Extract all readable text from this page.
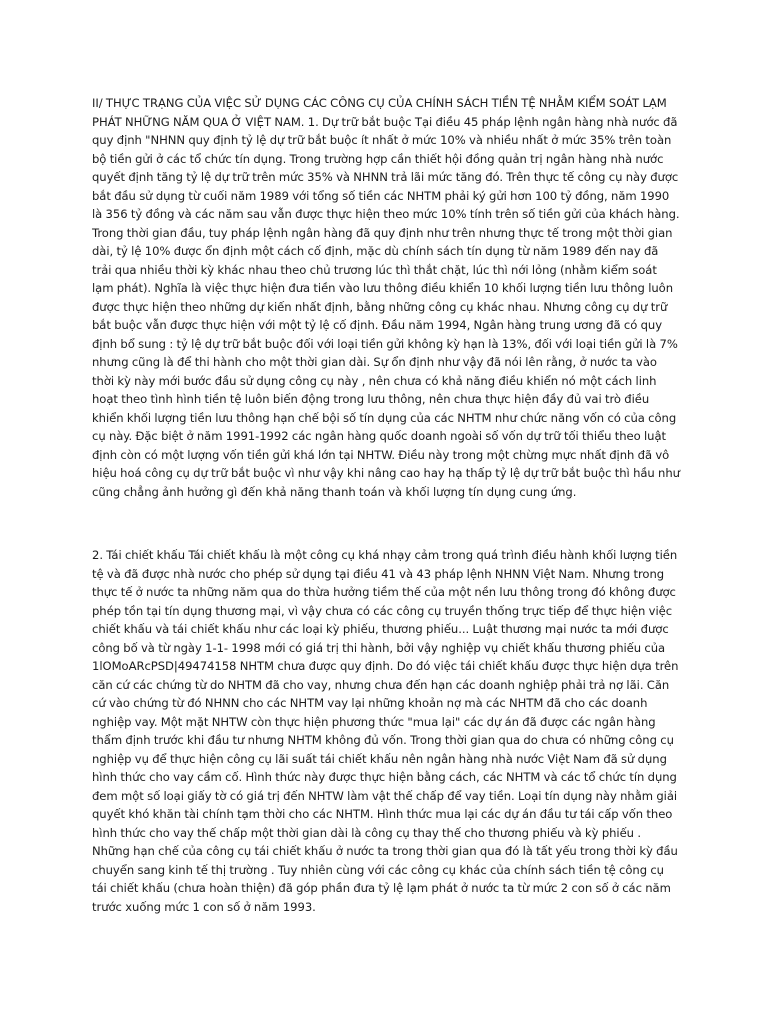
II/ THỰC TRẠNG CỦA VIỆC SỬ DỤNG CÁC CÔNG CỤ CỦA CHÍNH SÁCH TIỀN TỆ NHẰM KIỂM SOÁT LẠM PHÁT NHỮNG NĂM QUA Ở VIỆT NAM. 1. Dự trữ bắt buộc Tại điều 45 pháp lệnh ngân hàng nhà nước đã quy định "NHNN quy định tỷ lệ dự trữ bắt buộc ít nhất ở mức 10% và nhiều nhất ở mức 35% trên toàn bộ tiền gửi ở các tổ chức tín dụng. Trong trường hợp cần thiết hội đồng quản trị ngân hàng nhà nước quyết định tăng tỷ lệ dự trữ trên mức 35% và NHNN trả lãi mức tăng đó. Trên thực tế công cụ này được bắt đầu sử dụng từ cuối năm 1989 với tổng số tiền các NHTM phải ký gửi hơn 100 tỷ đồng, năm 1990 là 356 tỷ đồng và các năm sau vẫn được thực hiện theo mức 10% tính trên số tiền gửi của khách hàng. Trong thời gian đầu, tuy pháp lệnh ngân hàng đã quy định như trên nhưng thực tế trong một thời gian dài, tỷ lệ 10% được ổn định một cách cố định, mặc dù chính sách tín dụng từ năm 1989 đến nay đã trải qua nhiều thời kỳ khác nhau theo chủ trương lúc thì thắt chặt, lúc thì nới lỏng (nhằm kiểm soát lạm phát). Nghĩa là việc thực hiện đưa tiền vào lưu thông điều khiển 10 khối lượng tiền lưu thông luôn được thực hiện theo những dự kiến nhất định, bằng những công cụ khác nhau. Nhưng công cụ dự trữ bắt buộc vẫn được thực hiện với một tỷ lệ cố định. Đầu năm 1994, Ngân hàng trung ương đã có quy định bổ sung : tỷ lệ dự trữ bắt buộc đối với loại tiền gửi không kỳ hạn là 13%, đối với loại tiền gửi là 7% nhưng cũng là để thi hành cho một thời gian dài. Sự ổn định như vậy đã nói lên rằng, ở nước ta vào thời kỳ này mới bước đầu sử dụng công cụ này , nên chưa có khả năng điều khiển nó một cách linh hoạt theo tình hình tiền tệ luôn biến động trong lưu thông, nên chưa thực hiện đầy đủ vai trò điều khiển khối lượng tiền lưu thông hạn chế bội số tín dụng của các NHTM như chức năng vốn có của công cụ này. Đặc biệt ở năm 1991-1992 các ngân hàng quốc doanh ngoài số vốn dự trữ tối thiểu theo luật định còn có một lượng vốn tiền gửi khá lớn tại NHTW. Điều này trong một chừng mực nhất định đã vô hiệu hoá công cụ dự trữ bắt buộc vì như vậy khi nâng cao hay hạ thấp tỷ lệ dự trữ bắt buộc thì hầu như cũng chẳng ảnh hưởng gì đến khả năng thanh toán và khối lượng tín dụng cung ứng.

2. Tái chiết khấu Tái chiết khấu là một công cụ khá nhạy cảm trong quá trình điều hành khối lượng tiền tệ và đã được nhà nước cho phép sử dụng tại điều 41 và 43 pháp lệnh NHNN Việt Nam. Nhưng trong thực tế ở nước ta những năm qua do thừa hưởng tiềm thế của một nền lưu thông trong đó không được phép tồn tại tín dụng thương mại, vì vậy chưa có các công cụ truyền thống trực tiếp để thực hiện việc chiết khấu và tái chiết khấu như các loại kỳ phiếu, thương phiếu... Luật thương mại nước ta mới được công bố và từ ngày 1-1- 1998 mới có giá trị thi hành, bởi vậy nghiệp vụ chiết khấu thương phiếu của 1lOMoARcPSD|49474158 NHTM chưa được quy định. Do đó việc tái chiết khấu được thực hiện dựa trên căn cứ các chứng từ do NHTM đã cho vay, nhưng chưa đến hạn các doanh nghiệp phải trả nợ lãi. Căn cứ vào chứng từ đó NHNN cho các NHTM vay lại những khoản nợ mà các NHTM đã cho các doanh nghiệp vay. Một mặt NHTW còn thực hiện phương thức "mua lại" các dự án đã được các ngân hàng thẩm định trước khi đầu tư nhưng NHTM không đủ vốn. Trong thời gian qua do chưa có những công cụ nghiệp vụ để thực hiện công cụ lãi suất tái chiết khấu nên ngân hàng nhà nước Việt Nam đã sử dụng hình thức cho vay cầm cố. Hình thức này được thực hiện bằng cách, các NHTM và các tổ chức tín dụng đem một số loại giấy tờ có giá trị đến NHTW làm vật thế chấp để vay tiền. Loại tín dụng này nhằm giải quyết khó khăn tài chính tạm thời cho các NHTM. Hình thức mua lại các dự án đầu tư tái cấp vốn theo hình thức cho vay thế chấp một thời gian dài là công cụ thay thế cho thương phiếu và kỳ phiếu . Những hạn chế của công cụ tái chiết khấu ở nước ta trong thời gian qua đó là tất yếu trong thời kỳ đầu chuyển sang kinh tế thị trường . Tuy nhiên cùng với các công cụ khác của chính sách tiền tệ công cụ tái chiết khấu (chưa hoàn thiện) đã góp phần đưa tỷ lệ lạm phát ở nước ta từ mức 2 con số ở các năm trước xuống mức 1 con số ở năm 1993.
